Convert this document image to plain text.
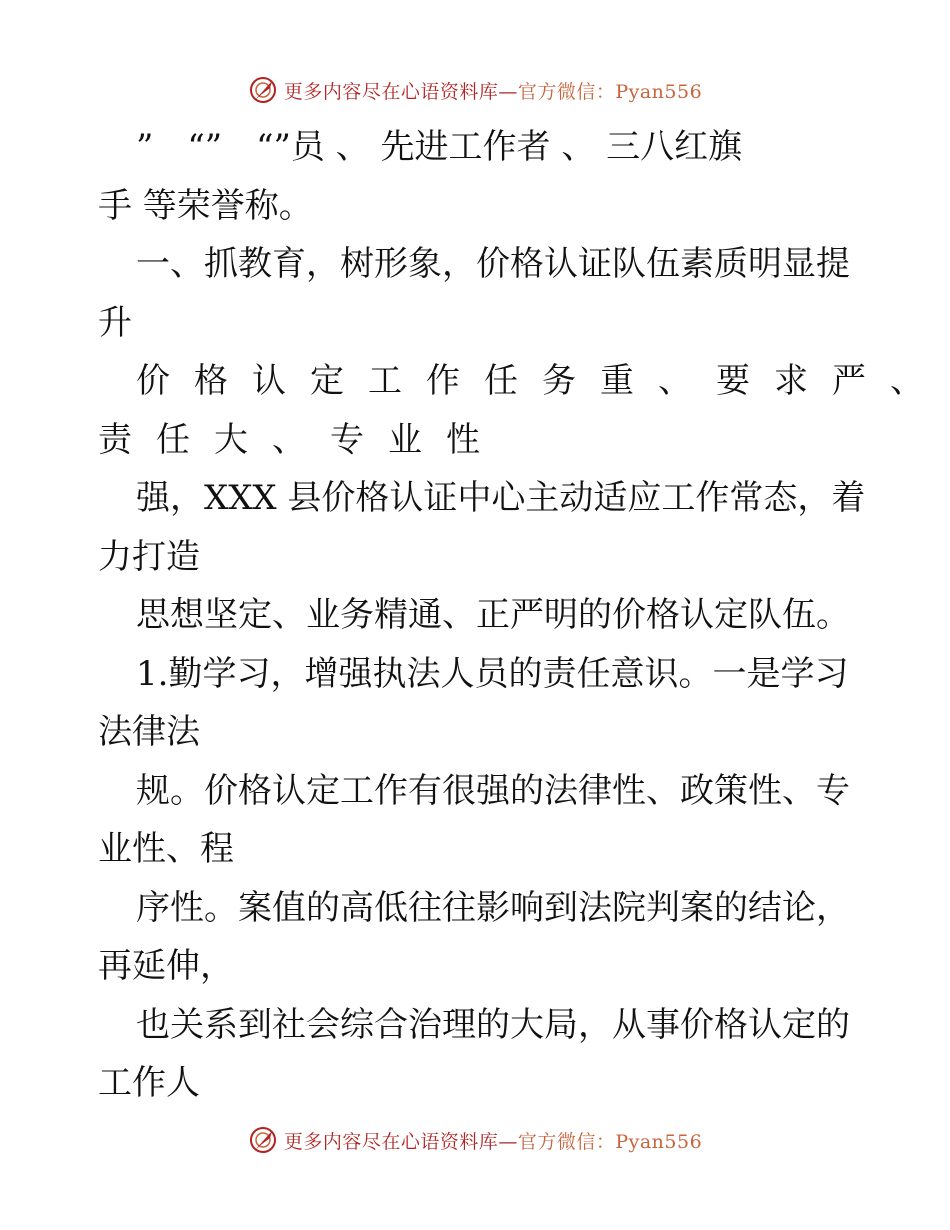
更多内容尽在心语资料库—官方微信：Pyan556
”　“”　“”员 、 先进工作者 、 三八红旗
手 等荣誉称。
一、抓教育，树形象，价格认证队伍素质明显提
升
价格认定工作任务重、要求严、
责任大、专业性
强，XXX 县价格认证中心主动适应工作常态，着
力打造
思想坚定、业务精通、正严明的价格认定队伍。
1.勤学习，增强执法人员的责任意识。一是学习
法律法
规。价格认定工作有很强的法律性、政策性、专
业性、程
序性。案值的高低往往影响到法院判案的结论，
再延伸，
也关系到社会综合治理的大局，从事价格认定的
工作人
更多内容尽在心语资料库—官方微信：Pyan556
